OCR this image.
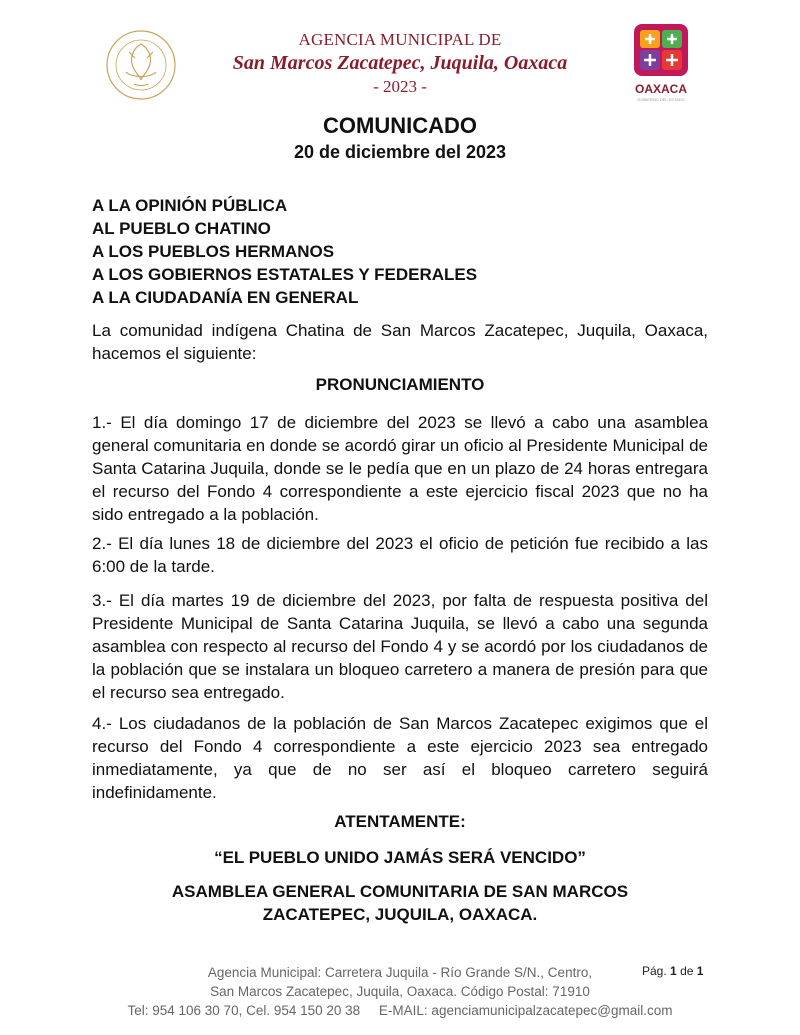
AGENCIA MUNICIPAL DE
San Marcos Zacatepec, Juquila, Oaxaca
- 2023 -	OAXACA
GOBIERNO DEL ESTADO
COMUNICADO
20 de diciembre del 2023
A LA OPINIÓN PÚBLICA
AL PUEBLO CHATINO
A LOS PUEBLOS HERMANOS
A LOS GOBIERNOS ESTATALES Y FEDERALES
A LA CIUDADANÍA EN GENERAL
La comunidad indígena Chatina de San Marcos Zacatepec, Juquila, Oaxaca, hacemos el siguiente:
PRONUNCIAMIENTO
1.- El día domingo 17 de diciembre del 2023 se llevó a cabo una asamblea general comunitaria en donde se acordó girar un oficio al Presidente Municipal de Santa Catarina Juquila, donde se le pedía que en un plazo de 24 horas entregara el recurso del Fondo 4 correspondiente a este ejercicio fiscal 2023 que no ha sido entregado a la población.
2.- El día lunes 18 de diciembre del 2023 el oficio de petición fue recibido a las 6:00 de la tarde.
3.- El día martes 19 de diciembre del 2023, por falta de respuesta positiva del Presidente Municipal de Santa Catarina Juquila, se llevó a cabo una segunda asamblea con respecto al recurso del Fondo 4 y se acordó por los ciudadanos de la población que se instalara un bloqueo carretero a manera de presión para que el recurso sea entregado.
4.- Los ciudadanos de la población de San Marcos Zacatepec exigimos que el recurso del Fondo 4 correspondiente a este ejercicio 2023 sea entregado inmediatamente, ya que de no ser así el bloqueo carretero seguirá indefinidamente.
ATENTAMENTE:
“EL PUEBLO UNIDO JAMÁS SERÁ VENCIDO”
ASAMBLEA GENERAL COMUNITARIA DE SAN MARCOS
ZACATEPEC, JUQUILA, OAXACA.
Agencia Municipal: Carretera Juquila - Río Grande S/N., Centro,
San Marcos Zacatepec, Juquila, Oaxaca. Código Postal: 71910
Tel: 954 106 30 70, Cel. 954 150 20 38     E-MAIL: agenciamunicipalzacatepec@gmail.com
Pág. 1 de 1
